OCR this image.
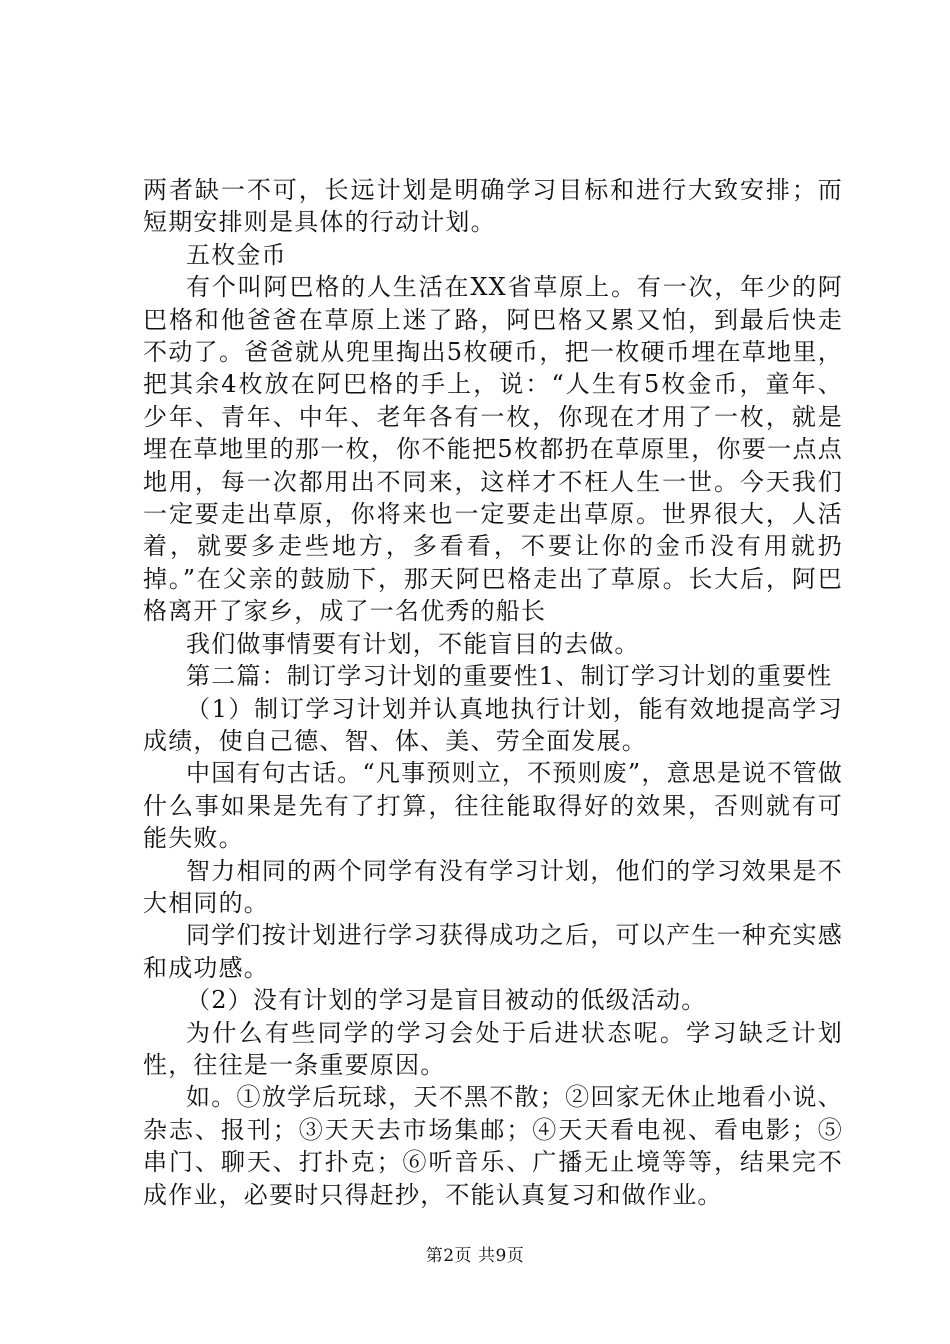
两者缺一不可，长远计划是明确学习目标和进行大致安排；而短期安排则是具体的行动计划。

五枚金币

有个叫阿巴格的人生活在XX省草原上。有一次，年少的阿巴格和他爸爸在草原上迷了路，阿巴格又累又怕，到最后快走不动了。爸爸就从兜里掏出5枚硬币，把一枚硬币埋在草地里，把其余4枚放在阿巴格的手上，说：“人生有5枚金币，童年、少年、青年、中年、老年各有一枚，你现在才用了一枚，就是埋在草地里的那一枚，你不能把5枚都扔在草原里，你要一点点地用，每一次都用出不同来，这样才不枉人生一世。今天我们一定要走出草原，你将来也一定要走出草原。世界很大，人活着，就要多走些地方，多看看，不要让你的金币没有用就扔掉。”在父亲的鼓励下，那天阿巴格走出了草原。长大后，阿巴格离开了家乡，成了一名优秀的船长

我们做事情要有计划，不能盲目的去做。

第二篇：制订学习计划的重要性1、制订学习计划的重要性

（1）制订学习计划并认真地执行计划，能有效地提高学习成绩，使自己德、智、体、美、劳全面发展。

中国有句古话。“凡事预则立，不预则废”，意思是说不管做什么事如果是先有了打算，往往能取得好的效果，否则就有可能失败。

智力相同的两个同学有没有学习计划，他们的学习效果是不大相同的。

同学们按计划进行学习获得成功之后，可以产生一种充实感和成功感。

（2）没有计划的学习是盲目被动的低级活动。

为什么有些同学的学习会处于后进状态呢。学习缺乏计划性，往往是一条重要原因。

如。①放学后玩球，天不黑不散；②回家无休止地看小说、杂志、报刊；③天天去市场集邮；④天天看电视、看电影；⑤串门、聊天、打扑克；⑥听音乐、广播无止境等等，结果完不成作业，必要时只得赶抄，不能认真复习和做作业。

第2页 共9页
